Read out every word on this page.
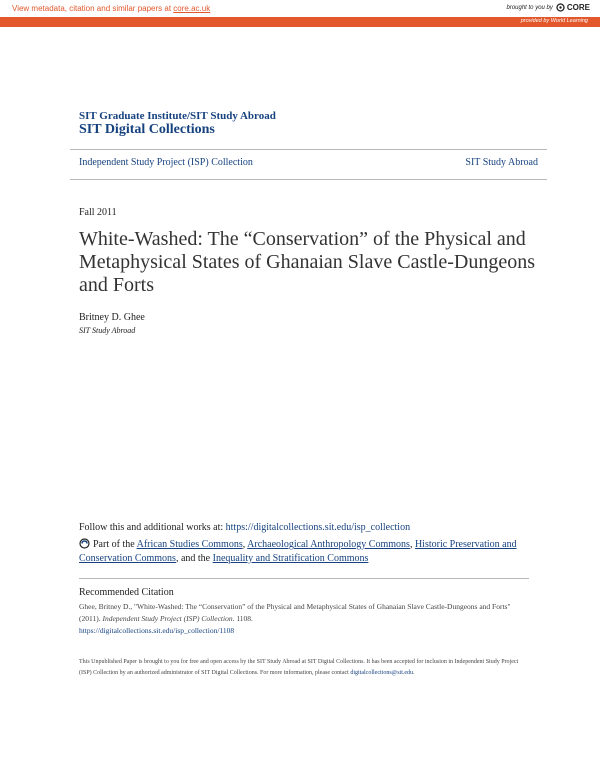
View metadata, citation and similar papers at core.ac.uk	brought to you by CORE
provided by World Learning
SIT Graduate Institute/SIT Study Abroad
SIT Digital Collections
Independent Study Project (ISP) Collection	SIT Study Abroad
Fall 2011
White-Washed: The “Conservation” of the Physical and Metaphysical States of Ghanaian Slave Castle-Dungeons and Forts
Britney D. Ghee
SIT Study Abroad
Follow this and additional works at: https://digitalcollections.sit.edu/isp_collection
Part of the African Studies Commons, Archaeological Anthropology Commons, Historic Preservation and Conservation Commons, and the Inequality and Stratification Commons
Recommended Citation
Ghee, Britney D., "White-Washed: The “Conservation” of the Physical and Metaphysical States of Ghanaian Slave Castle-Dungeons and Forts" (2011). Independent Study Project (ISP) Collection. 1108.
https://digitalcollections.sit.edu/isp_collection/1108
This Unpublished Paper is brought to you for free and open access by the SIT Study Abroad at SIT Digital Collections. It has been accepted for inclusion in Independent Study Project (ISP) Collection by an authorized administrator of SIT Digital Collections. For more information, please contact digitalcollections@sit.edu.
